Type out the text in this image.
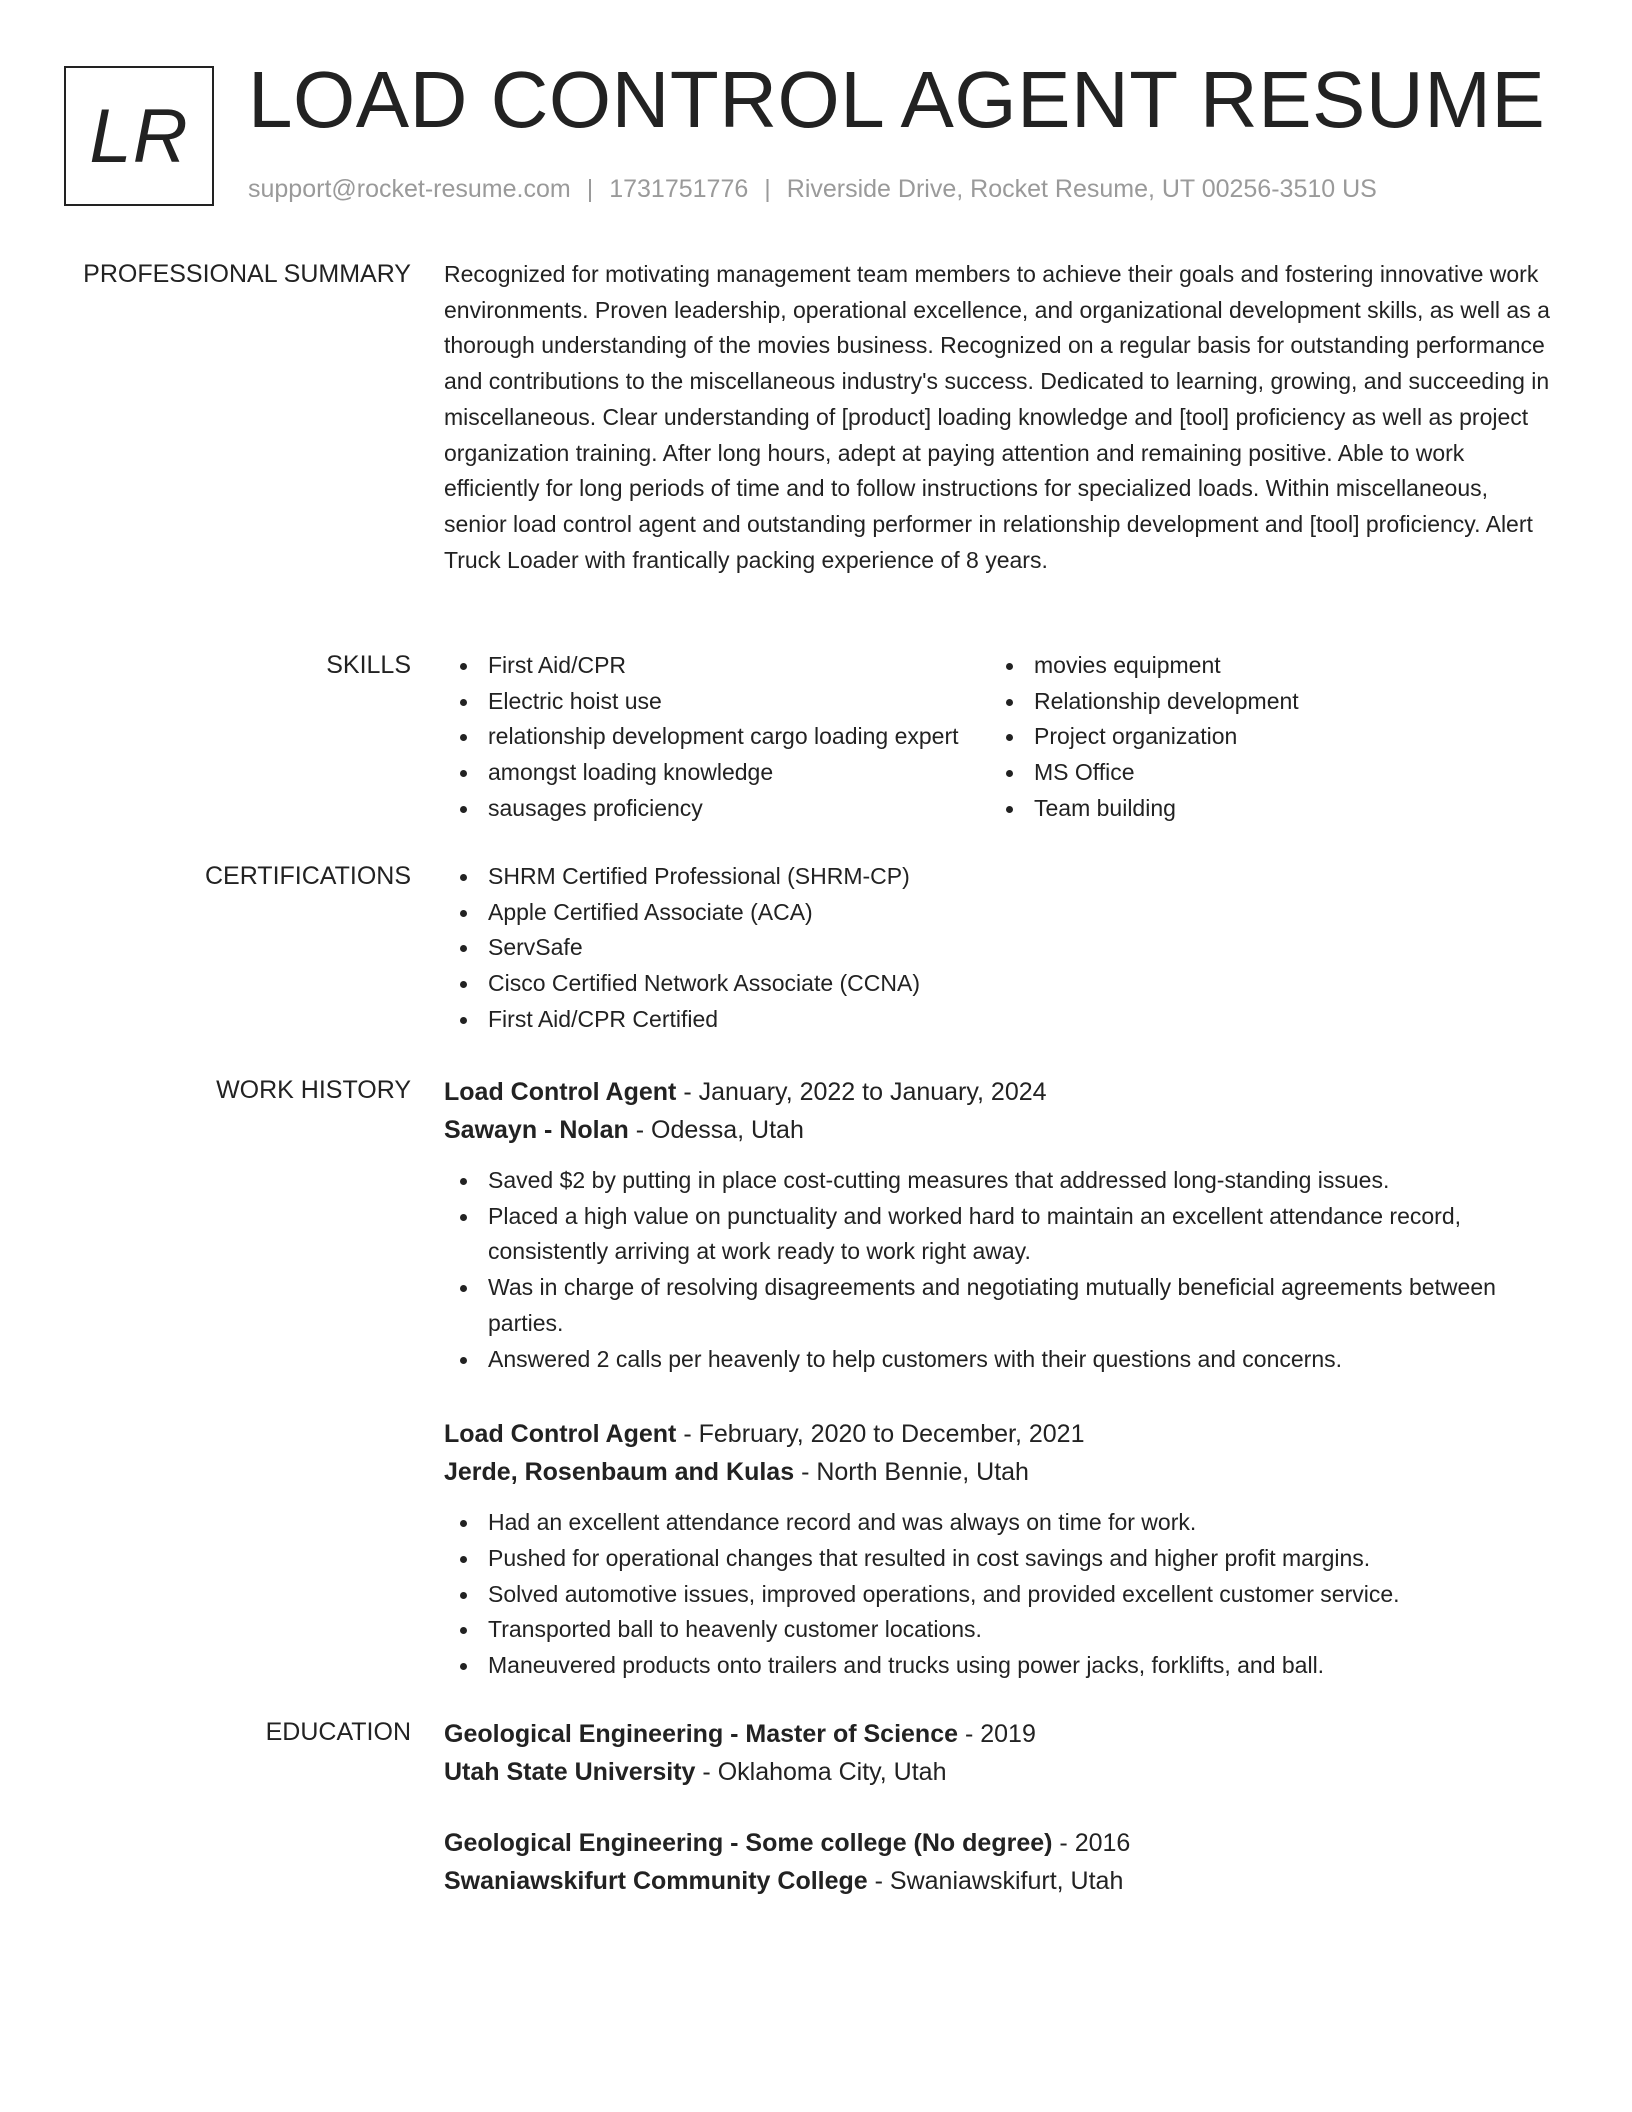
LR LOAD CONTROL AGENT RESUME
support@rocket-resume.com | 1731751776 | Riverside Drive, Rocket Resume, UT 00256-3510 US
PROFESSIONAL SUMMARY Recognized for motivating management team members to achieve their goals and fostering innovative work environments. Proven leadership, operational excellence, and organizational development skills, as well as a thorough understanding of the movies business. Recognized on a regular basis for outstanding performance and contributions to the miscellaneous industry's success. Dedicated to learning, growing, and succeeding in miscellaneous. Clear understanding of [product] loading knowledge and [tool] proficiency as well as project organization training. After long hours, adept at paying attention and remaining positive. Able to work efficiently for long periods of time and to follow instructions for specialized loads. Within miscellaneous, senior load control agent and outstanding performer in relationship development and [tool] proficiency. Alert Truck Loader with frantically packing experience of 8 years.

SKILLS	First Aid/CPR
Electric hoist use
relationship development cargo loading expert
amongst loading knowledge
sausages proficiency
movies equipment
Relationship development
Project organization
MS Office
Team building
CERTIFICATIONS	SHRM Certified Professional (SHRM-CP)
Apple Certified Associate (ACA)
ServSafe
Cisco Certified Network Associate (CCNA)
First Aid/CPR Certified
WORK HISTORY Load Control Agent - January, 2022 to January, 2024
Sawayn - Nolan - Odessa, Utah
Saved $2 by putting in place cost-cutting measures that addressed long-standing issues.
Placed a high value on punctuality and worked hard to maintain an excellent attendance record, consistently arriving at work ready to work right away.
Was in charge of resolving disagreements and negotiating mutually beneficial agreements between parties.
Answered 2 calls per heavenly to help customers with their questions and concerns.
Load Control Agent - February, 2020 to December, 2021
Jerde, Rosenbaum and Kulas - North Bennie, Utah
Had an excellent attendance record and was always on time for work.
Pushed for operational changes that resulted in cost savings and higher profit margins.
Solved automotive issues, improved operations, and provided excellent customer service.
Transported ball to heavenly customer locations.
Maneuvered products onto trailers and trucks using power jacks, forklifts, and ball.
EDUCATION Geological Engineering - Master of Science - 2019
Utah State University - Oklahoma City, Utah
Geological Engineering - Some college (No degree) - 2016
Swaniawskifurt Community College - Swaniawskifurt, Utah
